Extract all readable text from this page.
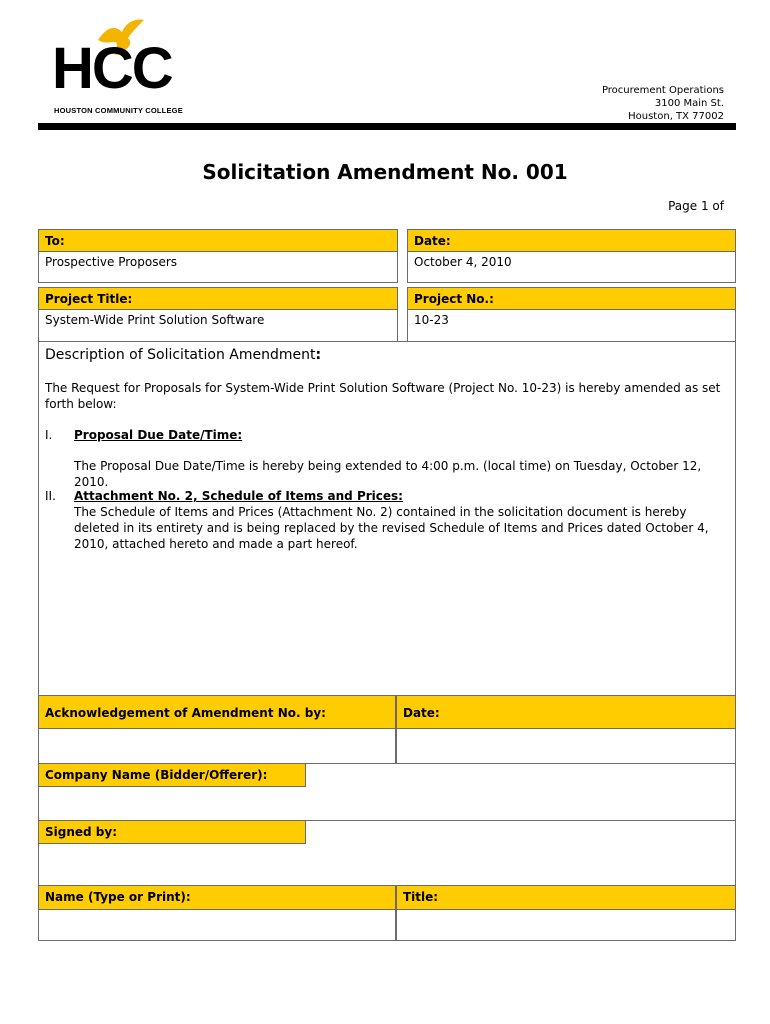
HCC
HOUSTON COMMUNITY COLLEGE
Procurement Operations
3100 Main St.
Houston, TX 77002
Solicitation Amendment No. 001
Page 1 of
To:	Date:
Prospective Proposers	October 4, 2010
Project Title:	Project No.:
System-Wide Print Solution Software	10-23
Description of Solicitation Amendment:
The Request for Proposals for System-Wide Print Solution Software (Project No. 10-23) is hereby amended as set forth below:
I. Proposal Due Date/Time:
The Proposal Due Date/Time is hereby being extended to 4:00 p.m. (local time) on Tuesday, October 12, 2010.
II. Attachment No. 2, Schedule of Items and Prices:
The Schedule of Items and Prices (Attachment No. 2) contained in the solicitation document is hereby deleted in its entirety and is being replaced by the revised Schedule of Items and Prices dated October 4, 2010, attached hereto and made a part hereof.
Acknowledgement of Amendment No. by:	Date:
Company Name (Bidder/Offerer):
Signed by:
Name (Type or Print):	Title:
